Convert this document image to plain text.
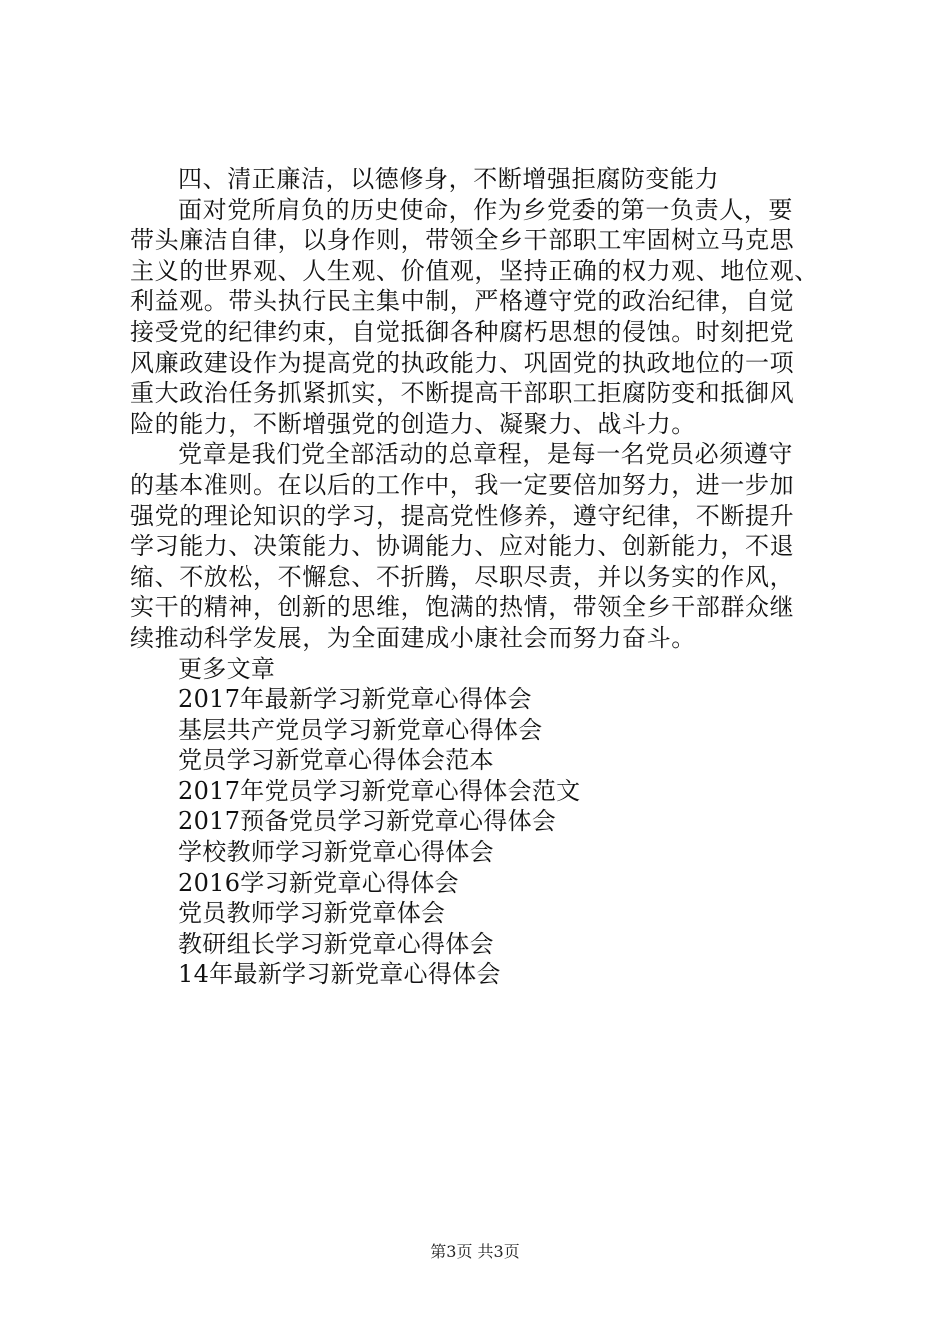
四、清正廉洁，以德修身，不断增强拒腐防变能力
面对党所肩负的历史使命，作为乡党委的第一负责人，要
带头廉洁自律，以身作则，带领全乡干部职工牢固树立马克思
主义的世界观、人生观、价值观，坚持正确的权力观、地位观、
利益观。带头执行民主集中制，严格遵守党的政治纪律，自觉
接受党的纪律约束，自觉抵御各种腐朽思想的侵蚀。时刻把党
风廉政建设作为提高党的执政能力、巩固党的执政地位的一项
重大政治任务抓紧抓实，不断提高干部职工拒腐防变和抵御风
险的能力，不断增强党的创造力、凝聚力、战斗力。
党章是我们党全部活动的总章程，是每一名党员必须遵守
的基本准则。在以后的工作中，我一定要倍加努力，进一步加
强党的理论知识的学习，提高党性修养，遵守纪律，不断提升
学习能力、决策能力、协调能力、应对能力、创新能力，不退
缩、不放松，不懈怠、不折腾，尽职尽责，并以务实的作风，
实干的精神，创新的思维，饱满的热情，带领全乡干部群众继
续推动科学发展，为全面建成小康社会而努力奋斗。
更多文章
2017年最新学习新党章心得体会
基层共产党员学习新党章心得体会
党员学习新党章心得体会范本
2017年党员学习新党章心得体会范文
2017预备党员学习新党章心得体会
学校教师学习新党章心得体会
2016学习新党章心得体会
党员教师学习新党章体会
教研组长学习新党章心得体会
14年最新学习新党章心得体会
第3页 共3页
